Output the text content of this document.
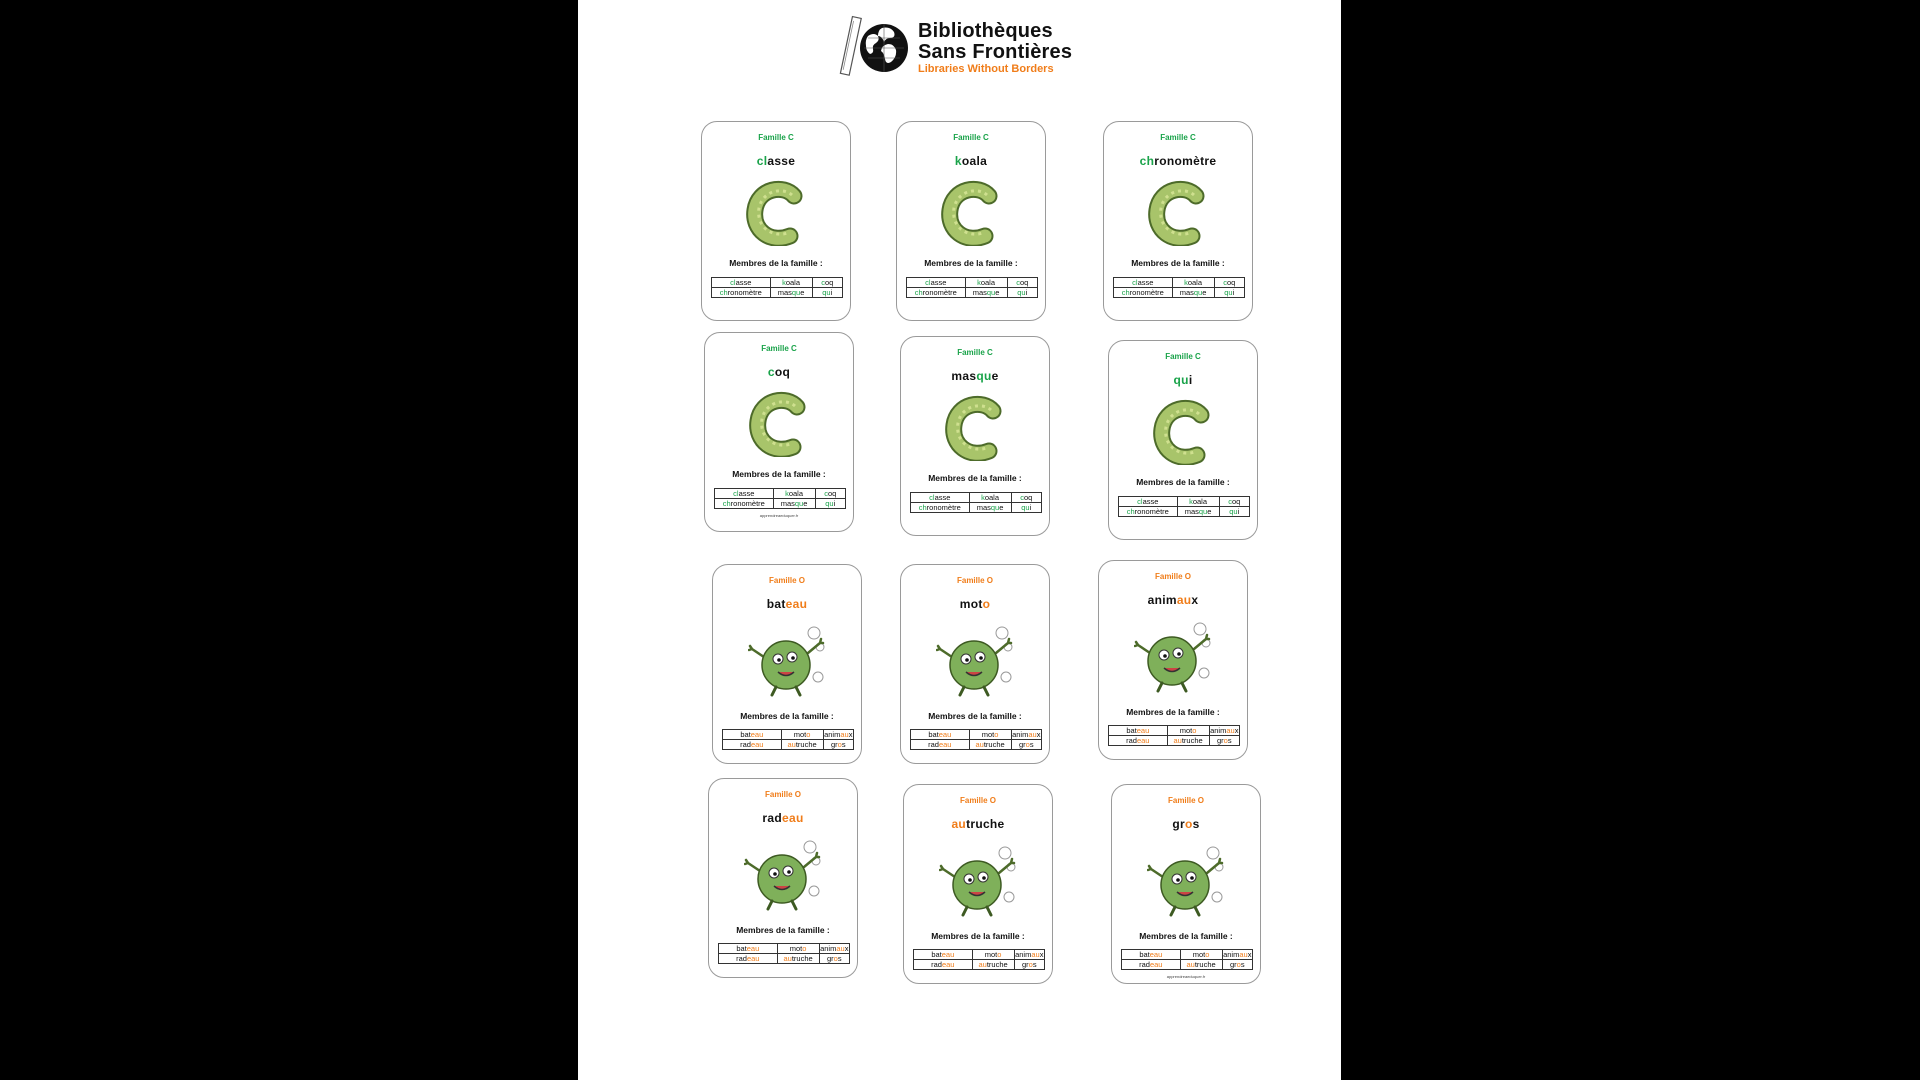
Bibliothèques
Sans Frontières
Libraries Without Borders
Famille C
classe
Membres de la famille :
classe	koala	coq
chronomètre	masque	qui
Famille C
koala
Membres de la famille :
classe	koala	coq
chronomètre	masque	qui
Famille C
chronomètre
Membres de la famille :
classe	koala	coq
chronomètre	masque	qui
Famille C
coq
Membres de la famille :
classe	koala	coq
chronomètre	masque	qui
apprendreaeduquer.fr
Famille C
masque
Membres de la famille :
classe	koala	coq
chronomètre	masque	qui
Famille C
qui
Membres de la famille :
classe	koala	coq
chronomètre	masque	qui
Famille O
bateau
Membres de la famille :
bateau	moto	animaux
radeau	autruche	gros
Famille O
moto
Membres de la famille :
bateau	moto	animaux
radeau	autruche	gros
Famille O
animaux
Membres de la famille :
bateau	moto	animaux
radeau	autruche	gros
Famille O
radeau
Membres de la famille :
bateau	moto	animaux
radeau	autruche	gros
Famille O
autruche
Membres de la famille :
bateau	moto	animaux
radeau	autruche	gros
Famille O
gros
Membres de la famille :
bateau	moto	animaux
radeau	autruche	gros
apprendreaeduquer.fr
